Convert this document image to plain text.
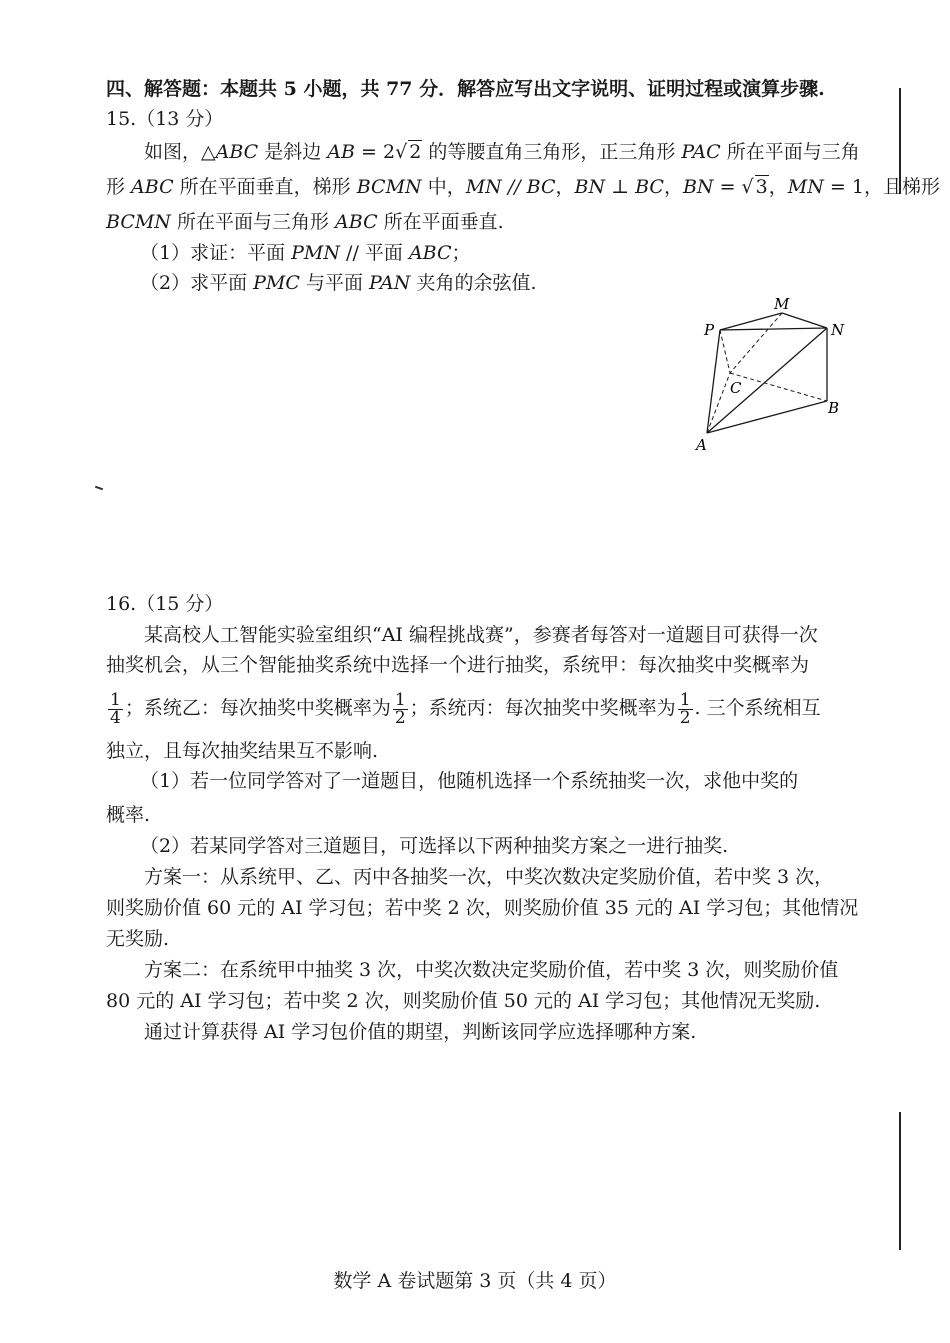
四、解答题：本题共 5 小题，共 77 分．解答应写出文字说明、证明过程或演算步骤.
15.（13 分）
如图，△ABC 是斜边 AB = 2√ 2 的等腰直角三角形，正三角形 PAC 所在平面与三角
形 ABC 所在平面垂直，梯形 BCMN 中，MN // BC，BN ⊥ BC，BN = √ 3，MN = 1，且梯形
BCMN 所在平面与三角形 ABC 所在平面垂直.
（1）求证：平面 PMN // 平面 ABC；
（2）求平面 PMC 与平面 PAN 夹角的余弦值.
P
M
N
C
B
A
16.（15 分）
某高校人工智能实验室组织“AI 编程挑战赛”，参赛者每答对一道题目可获得一次
抽奖机会，从三个智能抽奖系统中选择一个进行抽奖，系统甲：每次抽奖中奖概率为
$\frac{1}{4}$ ；系统乙：每次抽奖中奖概率为 $\frac{1}{2}$ ；系统丙：每次抽奖中奖概率为 $\frac{1}{2}$ . 三个系统相互
独立，且每次抽奖结果互不影响.
（1）若一位同学答对了一道题目，他随机选择一个系统抽奖一次，求他中奖的
概率.
（2）若某同学答对三道题目，可选择以下两种抽奖方案之一进行抽奖.
方案一：从系统甲、乙、丙中各抽奖一次，中奖次数决定奖励价值，若中奖 3 次，
则奖励价值 60 元的 AI 学习包；若中奖 2 次，则奖励价值 35 元的 AI 学习包；其他情况
无奖励.
方案二：在系统甲中抽奖 3 次，中奖次数决定奖励价值，若中奖 3 次，则奖励价值
80 元的 AI 学习包；若中奖 2 次，则奖励价值 50 元的 AI 学习包；其他情况无奖励.
通过计算获得 AI 学习包价值的期望，判断该同学应选择哪种方案.
数学 A 卷试题第 3 页（共 4 页）
